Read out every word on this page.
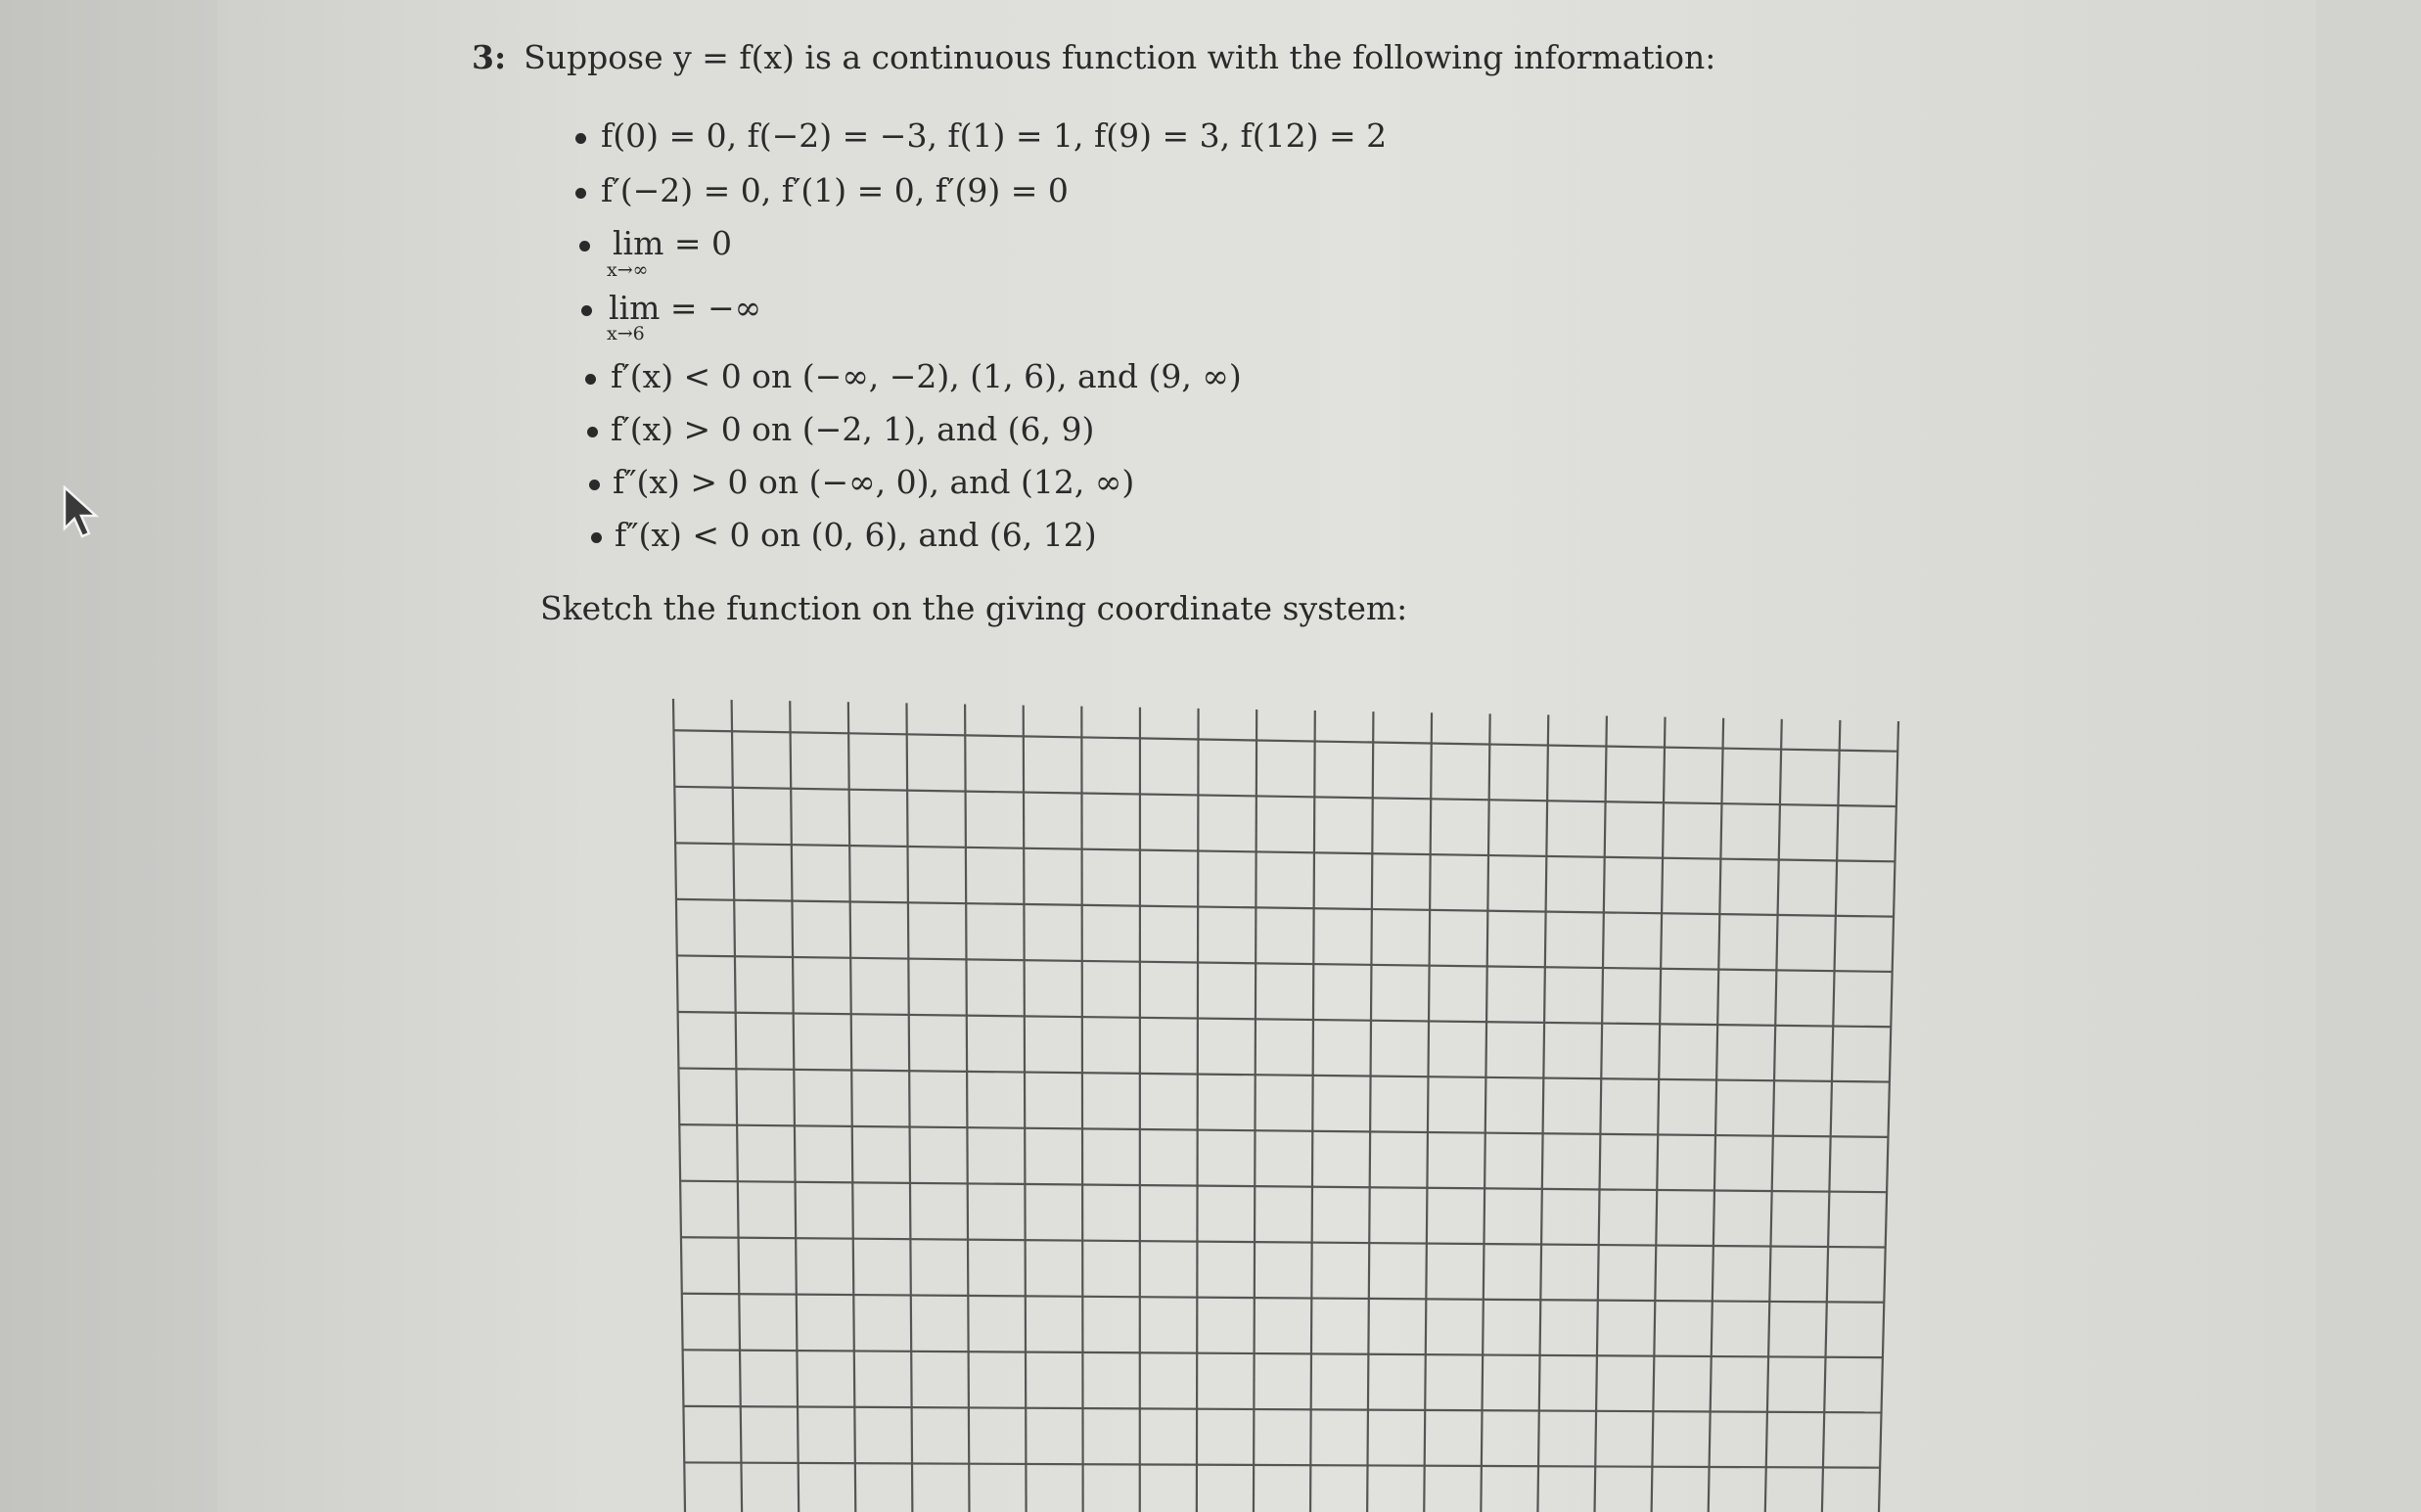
3: Suppose y = f(x) is a continuous function with the following information:
f(0) = 0, f(−2) = −3, f(1) = 1, f(9) = 3, f(12) = 2
f′(−2) = 0, f′(1) = 0, f′(9) = 0
lim = 0
x→∞
lim = −∞
x→6
f′(x) < 0 on (−∞, −2), (1, 6), and (9, ∞)
f′(x) > 0 on (−2, 1), and (6, 9)
f″(x) > 0 on (−∞, 0), and (12, ∞)
f″(x) < 0 on (0, 6), and (6, 12)
Sketch the function on the giving coordinate system:
